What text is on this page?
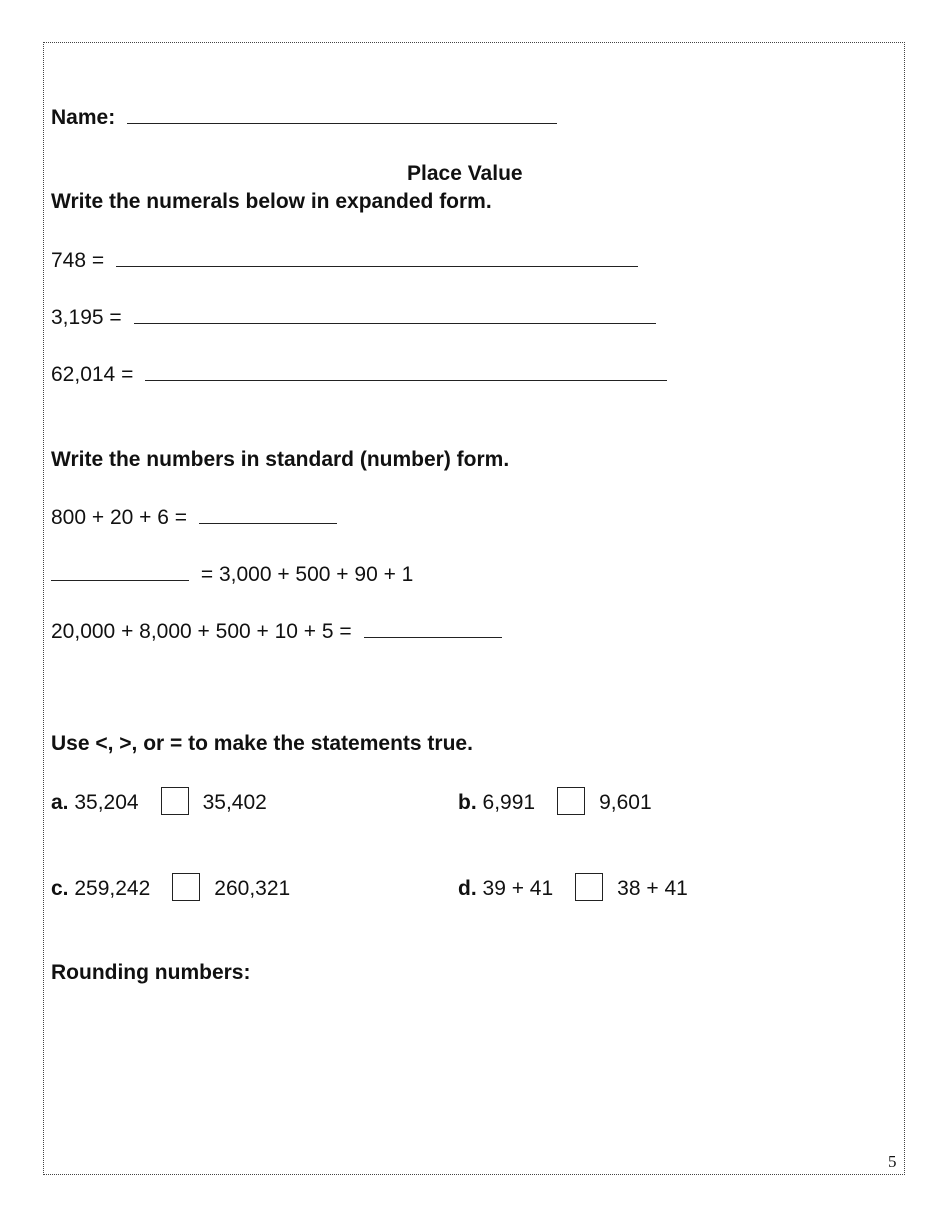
Name:
Place Value
Write the numerals below in expanded form.
748 =
3,195 =
62,014 =
Write the numbers in standard (number) form.
800 + 20 + 6 =
= 3,000 + 500 + 90 + 1
20,000 + 8,000 + 500 + 10 + 5 =
Use <, >, or = to make the statements true.
a. 35,204	35,402	b. 6,991	9,601
c. 259,242	260,321	d. 39 + 41	38 + 41
Rounding numbers:
5
